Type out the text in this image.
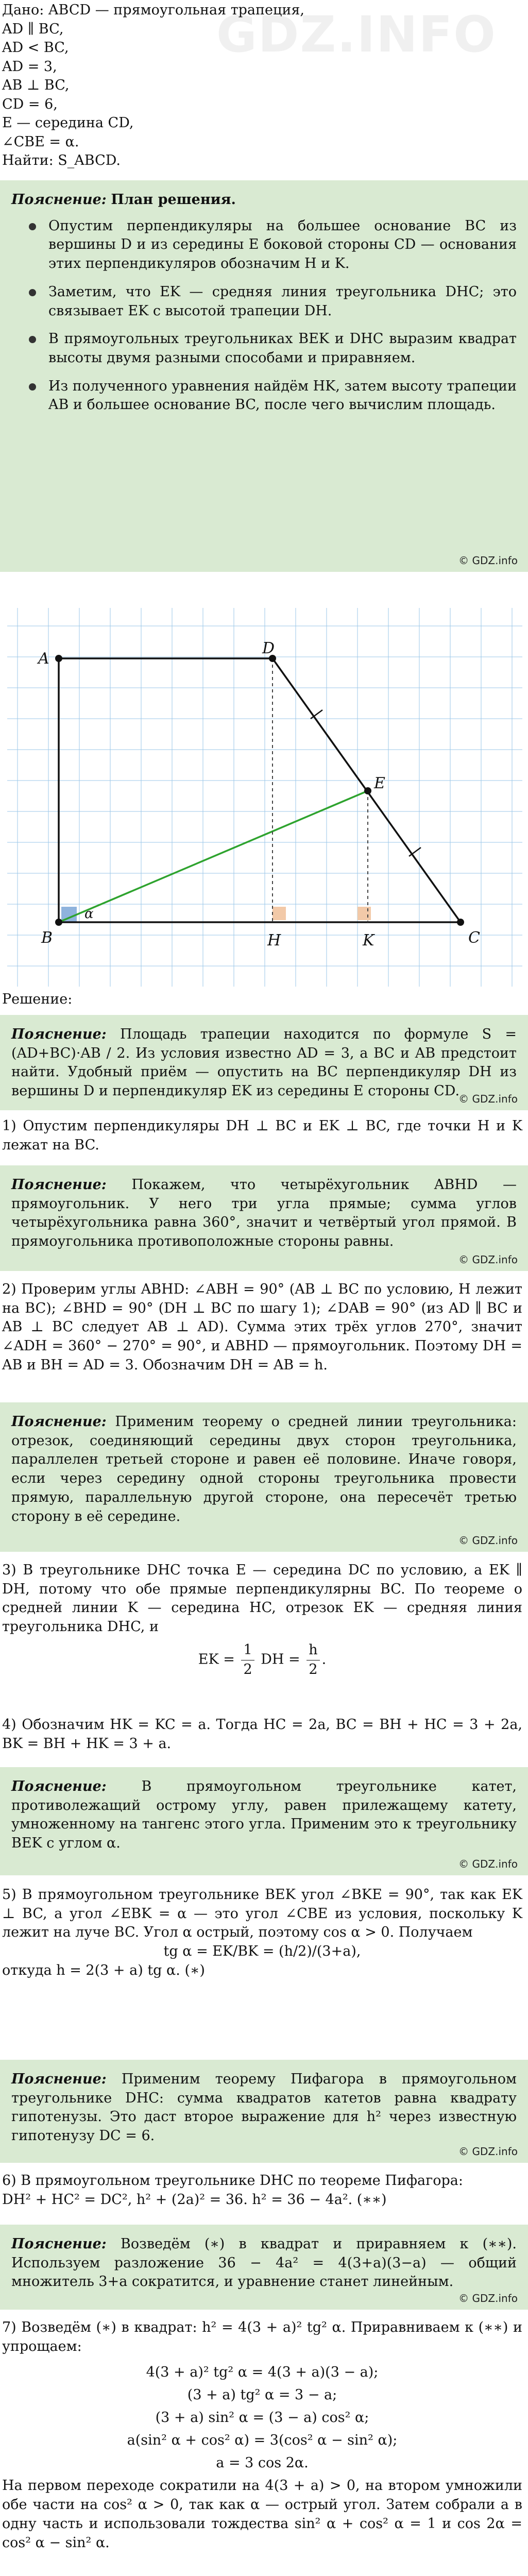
GDZ.INFO
Дано: ABCD — прямоугольная трапеция,
AD ∥ BC,
AD < BC,
AD = 3,
AB ⊥ BC,
CD = 6,
E — середина CD,
∠CBE = α.
Найти: S_ABCD.

Пояснение: План решения.

Опустим перпендикуляры на большее основание BC из вершины D и из середины E боковой стороны CD — основания этих перпендикуляров обозначим H и K.
Заметим, что EK — средняя линия треугольника DHC; это связывает EK с высотой трапеции DH.
В прямоугольных треугольниках BEK и DHC выразим квадрат высоты двумя разными способами и приравняем.
Из полученного уравнения найдём HK, затем высоту трапеции AB и большее основание BC, после чего вычислим площадь.
© GDZ.info
A
D
E
B	H	K	C
α
Решение:

Пояснение: Площадь трапеции находится по формуле S = (AD+BC)·AB / 2. Из условия известно AD = 3, а BC и AB предстоит найти. Удобный приём — опустить на BC перпендикуляр DH из вершины D и перпендикуляр EK из середины E стороны CD.

© GDZ.info

1) Опустим перпендикуляры DH ⊥ BC и EK ⊥ BC, где точки H и K лежат на BC.

Пояснение: Покажем, что четырёхугольник ABHD — прямоугольник. У него три угла прямые; сумма углов четырёхугольника равна 360°, значит и четвёртый угол прямой. В прямоугольника противоположные стороны равны.

© GDZ.info

2) Проверим углы ABHD: ∠ABH = 90° (AB ⊥ BC по условию, H лежит на BC); ∠BHD = 90° (DH ⊥ BC по шагу 1); ∠DAB = 90° (из AD ∥ BC и AB ⊥ BC следует AB ⊥ AD). Сумма этих трёх углов 270°, значит ∠ADH = 360° − 270° = 90°, и ABHD — прямоугольник. Поэтому DH = AB и BH = AD = 3. Обозначим DH = AB = h.

Пояснение: Применим теорему о средней линии треугольника: отрезок, соединяющий середины двух сторон треугольника, параллелен третьей стороне и равен её половине. Иначе говоря, если через середину одной стороны треугольника провести прямую, параллельную другой стороне, она пересечёт третью сторону в её середине.

© GDZ.info

3) В треугольнике DHC точка E — середина DC по условию, а EK ∥ DH, потому что обе прямые перпендикулярны BC. По теореме о средней линии K — середина HC, отрезок EK — средняя линия треугольника DHC, и

EK = $\frac{1}{2}$ DH = $\frac{h}{2}$ .

4) Обозначим HK = KC = a. Тогда HC = 2a, BC = BH + HC = 3 + 2a, BK = BH + HK = 3 + a.

Пояснение:	В прямоугольном треугольнике катет, противолежащий острому углу, равен прилежащему катету, умноженному на тангенс этого угла. Применим это к треугольнику BEK с углом α.

© GDZ.info

5) В прямоугольном треугольнике BEK угол ∠BKE = 90°, так как EK ⊥ BC, а угол ∠EBK = α — это угол ∠CBE из условия, поскольку K лежит на луче BC. Угол α острый, поэтому cos α > 0. Получаем

tg α = EK/BK = (h/2)/(3+a),

откуда h = 2(3 + a) tg α. (∗)

Пояснение: Применим теорему Пифагора в прямоугольном треугольнике DHC: сумма квадратов катетов равна квадрату гипотенузы. Это даст второе выражение для h² через известную гипотенузу DC = 6.

© GDZ.info

6) В прямоугольном треугольнике DHC по теореме Пифагора:

DH² + HC² = DC², h² + (2a)² = 36. h² = 36 − 4a². (∗∗)

Пояснение: Возведём (∗) в квадрат и приравняем к (∗∗). Используем разложение 36 − 4a² = 4(3+a)(3−a) — общий множитель 3+a сократится, и уравнение станет линейным.

© GDZ.info

7) Возведём (∗) в квадрат: h² = 4(3 + a)² tg² α. Приравниваем к (∗∗) и упрощаем:

4(3 + a)² tg² α = 4(3 + a)(3 − a);
(3 + a) tg² α = 3 − a;
(3 + a) sin² α = (3 − a) cos² α;
a(sin² α + cos² α) = 3(cos² α − sin² α);
a = 3 cos 2α.

На первом переходе сократили на 4(3 + a) > 0, на втором умножили обе части на cos² α > 0, так как α — острый угол. Затем собрали a в одну часть и использовали тождества sin² α + cos² α = 1 и cos 2α = cos² α − sin² α.
